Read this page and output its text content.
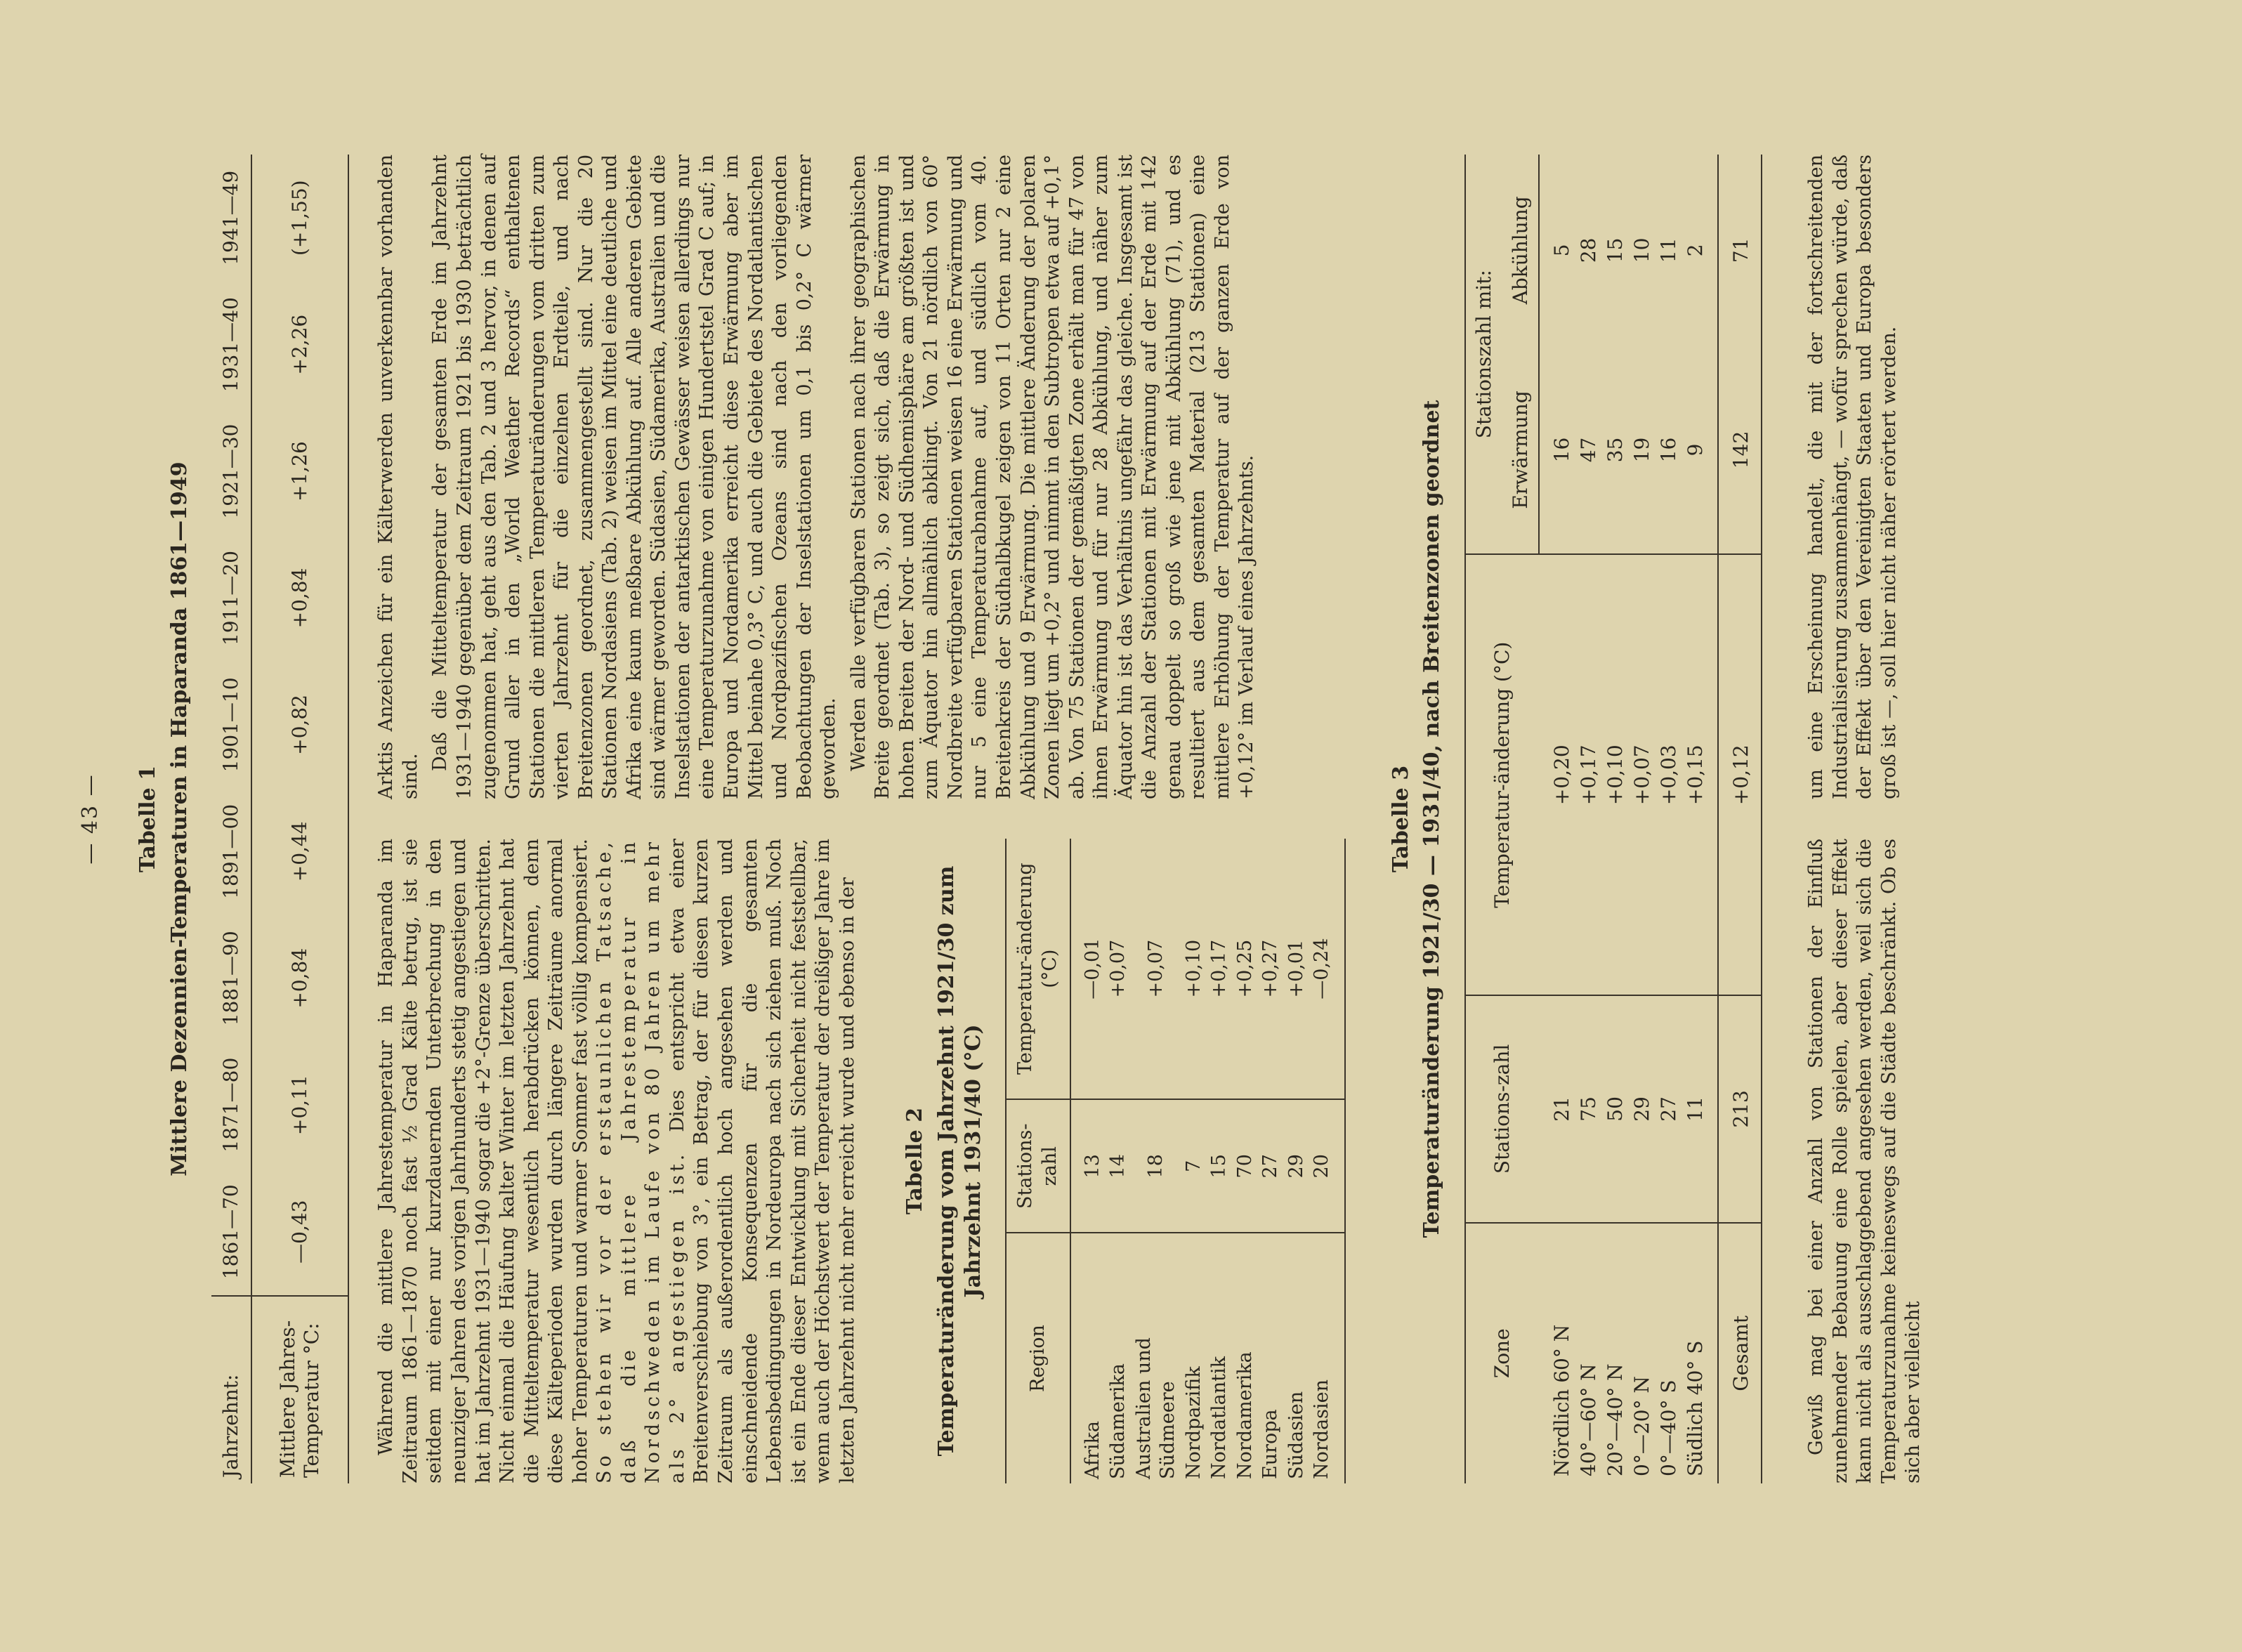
— 43 — Tabelle 1 Mittlere Dezennien-Temperaturen in Haparanda 1861—1949
Jahrzehnt:	1861—70	1871—80	1881—90	1891—00	1901—10	1911—20	1921—30	1931—40	1941—49
Mittlere Jahres-Temperatur °C:	—0,43	+0,11	+0,84	+0,44	+0,82	+0,84	+1,26	+2,26	(+1,55)

Während die mittlere Jahrestemperatur in Haparanda im Zeitraum 1861—1870 noch fast ½ Grad Kälte betrug, ist sie seitdem mit einer nur kurzdauernden Unterbrechung in den neunziger Jahren des vorigen Jahrhunderts stetig angestiegen und hat im Jahrzehnt 1931—1940 sogar die +2°-Grenze überschritten. Nicht einmal die Häufung kalter Winter im letzten Jahrzehnt hat die Mitteltemperatur wesentlich herabdrücken können, denn diese Kälteperioden wurden durch längere Zeiträume anormal hoher Temperaturen und warmer Sommer fast völlig kompensiert. So stehen wir vor der erstaunlichen Tatsache, daß die mittlere Jahrestemperatur in Nordschweden im Laufe von 80 Jahren um mehr als 2° angestiegen ist. Dies entspricht etwa einer Breitenverschiebung von 3°, ein Betrag, der für diesen kurzen Zeitraum als außerordentlich hoch angesehen werden und einschneidende Konsequenzen für die gesamten Lebensbedingungen in Nordeuropa nach sich ziehen muß. Noch ist ein Ende dieser Entwicklung mit Sicherheit nicht feststellbar, wenn auch der Höchstwert der Temperatur der dreißiger Jahre im letzten Jahrzehnt nicht mehr erreicht wurde und ebenso in der Tabelle 2 Temperaturänderung vom Jahrzehnt 1921/30 zum Jahrzehnt 1931/40 (°C)
Region	Stations-zahl	Temperatur-änderung (°C)
Afrika	13	—0,01
Südamerika	14	+0,07
Australien und Südmeere	18	+0,07
Nordpazifik	7	+0,10
Nordatlantik	15	+0,17
Nordamerika	70	+0,25
Europa	27	+0,27
Südasien	29	+0,01
Nordasien	20	—0,24

Arktis Anzeichen für ein Kälterwerden unverkennbar vorhanden sind.

Daß die Mitteltemperatur der gesamten Erde im Jahrzehnt 1931—1940 gegenüber dem Zeitraum 1921 bis 1930 beträchtlich zugenommen hat, geht aus den Tab. 2 und 3 hervor, in denen auf Grund aller in den „World Weather Records“ enthaltenen Stationen die mittleren Temperaturänderungen vom dritten zum vierten Jahrzehnt für die einzelnen Erdteile, und nach Breitenzonen geordnet, zusammengestellt sind. Nur die 20 Stationen Nordasiens (Tab. 2) weisen im Mittel eine deutliche und Afrika eine kaum meßbare Abkühlung auf. Alle anderen Gebiete sind wärmer geworden. Südasien, Südamerika, Australien und die Inselstationen der antarktischen Gewässer weisen allerdings nur eine Temperaturzunahme von einigen Hundertstel Grad C auf; in Europa und Nordamerika erreicht diese Erwärmung aber im Mittel beinahe 0,3° C, und auch die Gebiete des Nordatlantischen und Nordpazifischen Ozeans sind nach den vorliegenden Beobachtungen der Inselstationen um 0,1 bis 0,2° C wärmer geworden. Werden alle verfügbaren Stationen nach ihrer geographischen Breite geordnet (Tab. 3), so zeigt sich, daß die Erwärmung in hohen Breiten der Nord- und Südhemisphäre am größten ist und zum Äquator hin allmählich abklingt. Von 21 nördlich von 60° Nordbreite verfügbaren Stationen weisen 16 eine Erwärmung und nur 5 eine Temperaturabnahme auf, und südlich vom 40. Breitenkreis der Südhalbkugel zeigen von 11 Orten nur 2 eine Abkühlung und 9 Erwärmung. Die mittlere Änderung der polaren Zonen liegt um +0,2° und nimmt in den Subtropen etwa auf +0,1° ab. Von 75 Stationen der gemäßigten Zone erhält man für 47 von ihnen Erwärmung und für nur 28 Abkühlung, und näher zum Äquator hin ist das Verhältnis ungefähr das gleiche. Insgesamt ist die Anzahl der Stationen mit Erwärmung auf der Erde mit 142 genau doppelt so groß wie jene mit Abkühlung (71), und es resultiert aus dem gesamten Material (213 Stationen) eine mittlere Erhöhung der Temperatur auf der ganzen Erde von +0,12° im Verlauf eines Jahrzehnts.

Tabelle 3 Temperaturänderung 1921/30 — 1931/40, nach Breitenzonen geordnet
Zone	Stations-zahl	Temperatur-änderung (°C)	Stationszahl mit:	
			Erwärmung	Abkühlung
Nördlich 60° N	21	+0,20	16	5
40°—60° N	75	+0,17	47	28
20°—40° N	50	+0,10	35	15
0°—20° N	29	+0,07	19	10
0°—40° S	27	+0,03	16	11
Südlich 40° S	11	+0,15	9	2
Gesamt	213	+0,12	142	71

Gewiß mag bei einer Anzahl von Stationen der Einfluß zunehmender Bebauung eine Rolle spielen, aber dieser Effekt kann nicht als ausschlaggebend angesehen werden, weil sich die Temperaturzunahme keineswegs auf die Städte beschränkt. Ob es sich aber vielleicht

um eine Erscheinung handelt, die mit der fortschreitenden Industrialisierung zusammenhängt, — wofür sprechen würde, daß der Effekt über den Vereinigten Staaten und Europa besonders groß ist —, soll hier nicht näher erörtert werden.
